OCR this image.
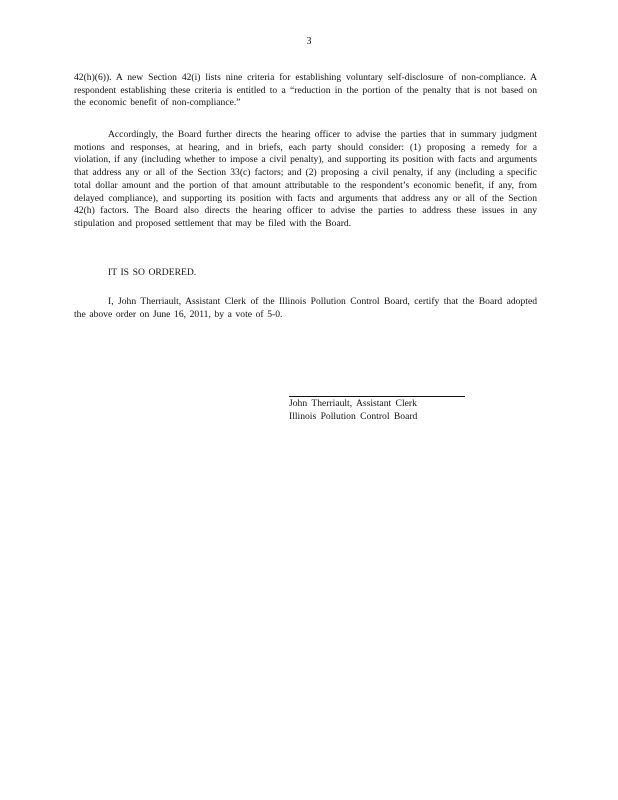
3

42(h)(6)). A new Section 42(i) lists nine criteria for establishing voluntary self-disclosure of non-compliance. A respondent establishing these criteria is entitled to a “reduction in the portion of the penalty that is not based on the economic benefit of non-compliance.”

Accordingly, the Board further directs the hearing officer to advise the parties that in summary judgment motions and responses, at hearing, and in briefs, each party should consider: (1) proposing a remedy for a violation, if any (including whether to impose a civil penalty), and supporting its position with facts and arguments that address any or all of the Section 33(c) factors; and (2) proposing a civil penalty, if any (including a specific total dollar amount and the portion of that amount attributable to the respondent’s economic benefit, if any, from delayed compliance), and supporting its position with facts and arguments that address any or all of the Section 42(h) factors. The Board also directs the hearing officer to advise the parties to address these issues in any stipulation and proposed settlement that may be filed with the Board.

IT IS SO ORDERED.

I, John Therriault, Assistant Clerk of the Illinois Pollution Control Board, certify that the Board adopted the above order on June 16, 2011, by a vote of 5-0.

John Therriault, Assistant Clerk
Illinois Pollution Control Board
